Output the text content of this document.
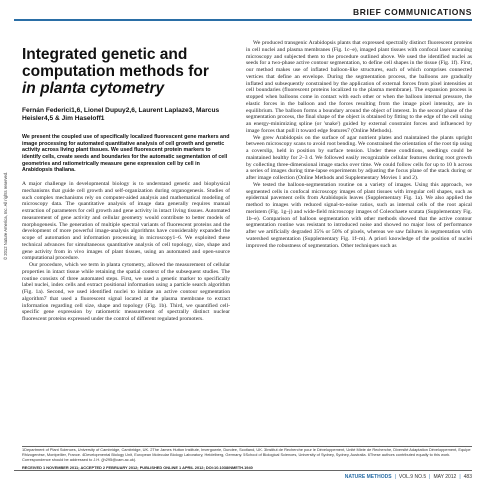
BRIEF COMMUNICATIONS
© 2012 Nature America, Inc. All rights reserved.
Integrated genetic and
computation methods for
in planta cytometry

Fernán Federici1,6, Lionel Dupuy2,6, Laurent Laplaze3, Marcus Heisler4,5 & Jim Haseloff1

We present the coupled use of specifically localized fluorescent gene markers and image processing for automated quantitative analysis of cell growth and genetic activity across living plant tissues. We used fluorescent protein markers to identify cells, create seeds and boundaries for the automatic segmentation of cell geometries and ratiometrically measure gene expression cell by cell in Arabidopsis thaliana.

A major challenge in developmental biology is to understand genetic and biophysical mechanisms that guide cell growth and self-organization during organogenesis. Studies of such complex mechanisms rely on computer-aided analysis and mathematical modeling of microscopy data. The quantitative analysis of image data generally requires manual extraction of parameters for cell growth and gene activity in intact living tissues. Automated measurement of gene activity and cellular geometry would contribute to better models of morphogenesis. The generation of multiple spectral variants of fluorescent proteins and the development of more powerful image-analysis algorithms have considerably expanded the scope of automation and information processing in microscopy1–6. We exploited these technical advances for simultaneous quantitative analysis of cell topology, size, shape and gene activity from in vivo images of plant tissues, using an automated and open-source computational procedure.

Our procedure, which we term in planta cytometry, allowed the measurement of cellular properties in intact tissue while retaining the spatial context of the subsequent studies. The routine consists of three automated steps. First, we used a genetic marker to specifically label nuclei, index cells and extract positional information using a particle search algorithm (Fig. 1a). Second, we used identified nuclei to initiate an active contour segmentation algorithm7 that used a fluorescent signal located at the plasma membrane to extract information regarding cell size, shape and topology (Fig. 1b). Third, we quantified cell-specific gene expression by ratiometric measurement of spectrally distinct nuclear fluorescent proteins expressed under the control of different regulated promoters.

We produced transgenic Arabidopsis plants that expressed spectrally distinct fluorescent proteins in cell nuclei and plasma membranes (Fig. 1c–e), imaged plant tissues with confocal laser scanning microscopy and subjected them to the procedure outlined above. We used the identified nuclei as seeds for a two-phase active contour segmentation, to define cell shapes in the tissue (Fig. 1f). First, our method makes use of inflated balloon-like structures, each of which comprises connected vertices that define an envelope. During the segmentation process, the balloons are gradually inflated and subsequently constrained by the application of external forces from pixel intensities at cell boundaries (fluorescent proteins localized to the plasma membrane). The expansion process is stopped when balloons come in contact with each other or when the balloon internal pressure, the elastic forces in the balloon and the forces resulting from the image pixel intensity, are in equilibrium. The balloon forms a boundary around the object of interest. In the second phase of the segmentation process, the final shape of the object is obtained by fitting to the edge of the cell using an energy-minimizing spline (or 'snake') guided by external constraint forces and influenced by image forces that pull it toward edge features7 (Online Methods).

We grew Arabidopsis on the surface of agar nutrient plates and maintained the plants upright between microscopy scans to avoid root bending. We constrained the orientation of the root tip using a coverslip, held in position by surface tension. Under these conditions, seedlings could be maintained healthy for 2–3 d. We followed easily recognizable cellular features during root growth by collecting three-dimensional image stacks over time. We could follow cells for up to 10 h across a series of images during time-lapse experiments by adjusting the focus plane of the stack during or after image collection (Online Methods and Supplementary Movies 1 and 2).

We tested the balloon-segmentation routine on a variety of images. Using this approach, we segmented cells in confocal microscopy images of plant tissues with irregular cell shapes, such as epidermal pavement cells from Arabidopsis leaves (Supplementary Fig. 1a). We also applied the method to images with reduced signal-to-noise ratios, such as internal cells of the root apical meristem (Fig. 1g–j) and wide-field microscopy images of Coleochaete scutata (Supplementary Fig. 1b–e). Comparison of balloon segmentation with other methods showed that the active contour segmentation routine was resistant to introduced noise and showed no major loss of performance after we artificially degraded 35% or 50% of pixels, whereas we saw failures in segmentation with watershed segmentation (Supplementary Fig. 1f–m). A priori knowledge of the position of nuclei improved the robustness of segmentation. Other techniques such as

1Department of Plant Sciences, University of Cambridge, Cambridge, UK. 2The James Hutton Institute, Invergowrie, Dundee, Scotland, UK. 3Institut de Recherche pour le Développement, Unité Mixte de Recherche, Diversité Adaptation Développement, Equipe Rhizogenèse, Montpellier, France. 4Developmental Biology Unit, European Molecular Biology Laboratory, Heidelberg, Germany. 5School of Biological Sciences, University of Sydney, Sydney, Australia. 6These authors contributed equally to this work. Correspondence should be addressed to J.H. (jh295@cam.ac.uk).

RECEIVED 1 NOVEMBER 2011; ACCEPTED 2 FEBRUARY 2012; PUBLISHED ONLINE 1 APRIL 2012; DOI:10.1038/NMETH.1940

NATURE METHODS | VOL.9 NO.5 | MAY 2012 | 483
